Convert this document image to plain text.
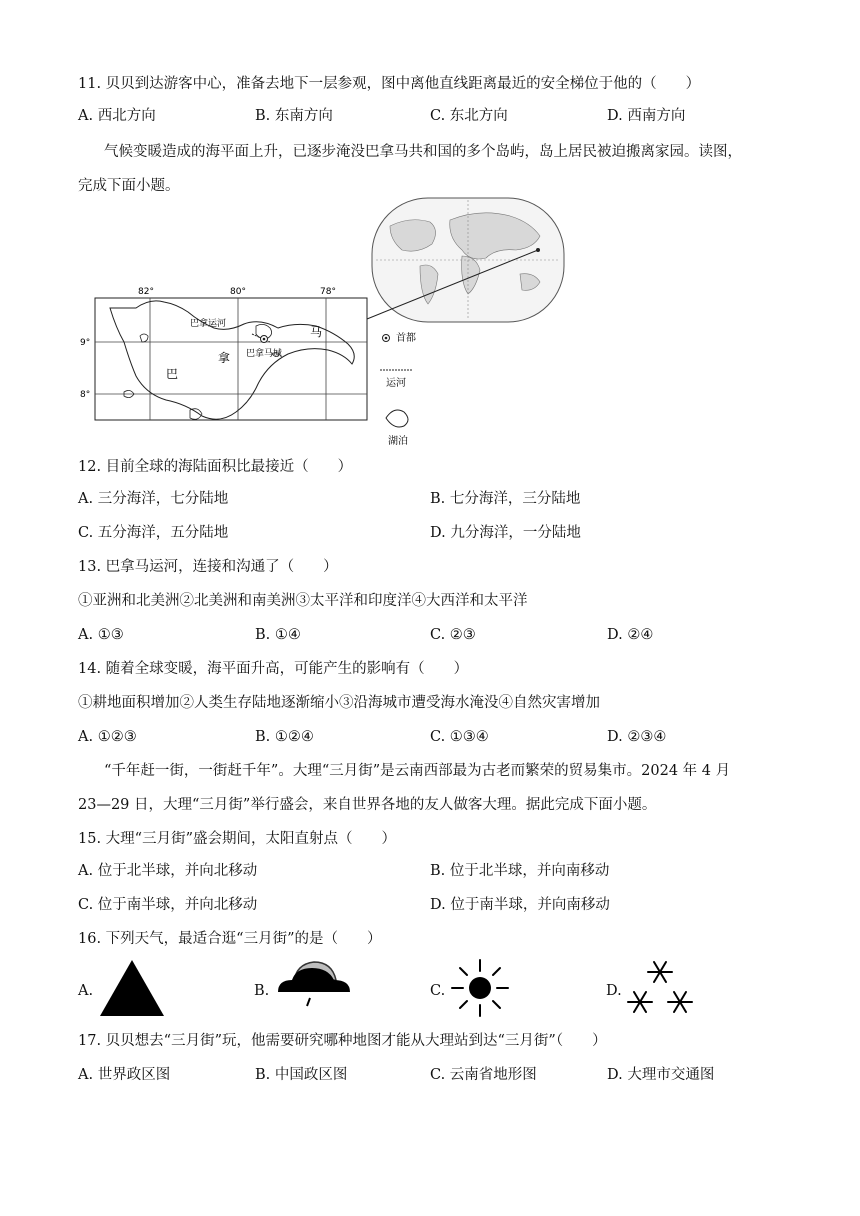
11. 贝贝到达游客中心，准备去地下一层参观，图中离他直线距离最近的安全梯位于他的（　　）
A. 西北方向	B. 东南方向	C. 东北方向	D. 西南方向
气候变暖造成的海平面上升，已逐步淹没巴拿马共和国的多个岛屿，岛上居民被迫搬离家园。读图，
完成下面小题。
82°	80°	78°
9°
8°
巴拿运河
巴拿马城
巴
拿
马	首都
运河
湖泊
12. 目前全球的海陆面积比最接近（　　）
A. 三分海洋，七分陆地	B. 七分海洋，三分陆地
C. 五分海洋，五分陆地	D. 九分海洋，一分陆地
13. 巴拿马运河，连接和沟通了（　　）
①亚洲和北美洲②北美洲和南美洲③太平洋和印度洋④大西洋和太平洋
A. ①③	B. ①④	C. ②③	D. ②④
14. 随着全球变暖，海平面升高，可能产生的影响有（　　）
①耕地面积增加②人类生存陆地逐渐缩小③沿海城市遭受海水淹没④自然灾害增加
A. ①②③	B. ①②④	C. ①③④	D. ②③④
“千年赶一街，一街赶千年”。大理“三月街”是云南西部最为古老而繁荣的贸易集市。2024 年 4 月
23—29 日，大理“三月街”举行盛会，来自世界各地的友人做客大理。据此完成下面小题。
15. 大理“三月街”盛会期间，太阳直射点（　　）
A. 位于北半球，并向北移动	B. 位于北半球，并向南移动
C. 位于南半球，并向北移动	D. 位于南半球，并向南移动
16. 下列天气，最适合逛“三月街”的是（　　）
A.	B.	C.	D.
17. 贝贝想去“三月街”玩，他需要研究哪种地图才能从大理站到达“三月街”（　　）
A. 世界政区图	B. 中国政区图	C. 云南省地形图	D. 大理市交通图
